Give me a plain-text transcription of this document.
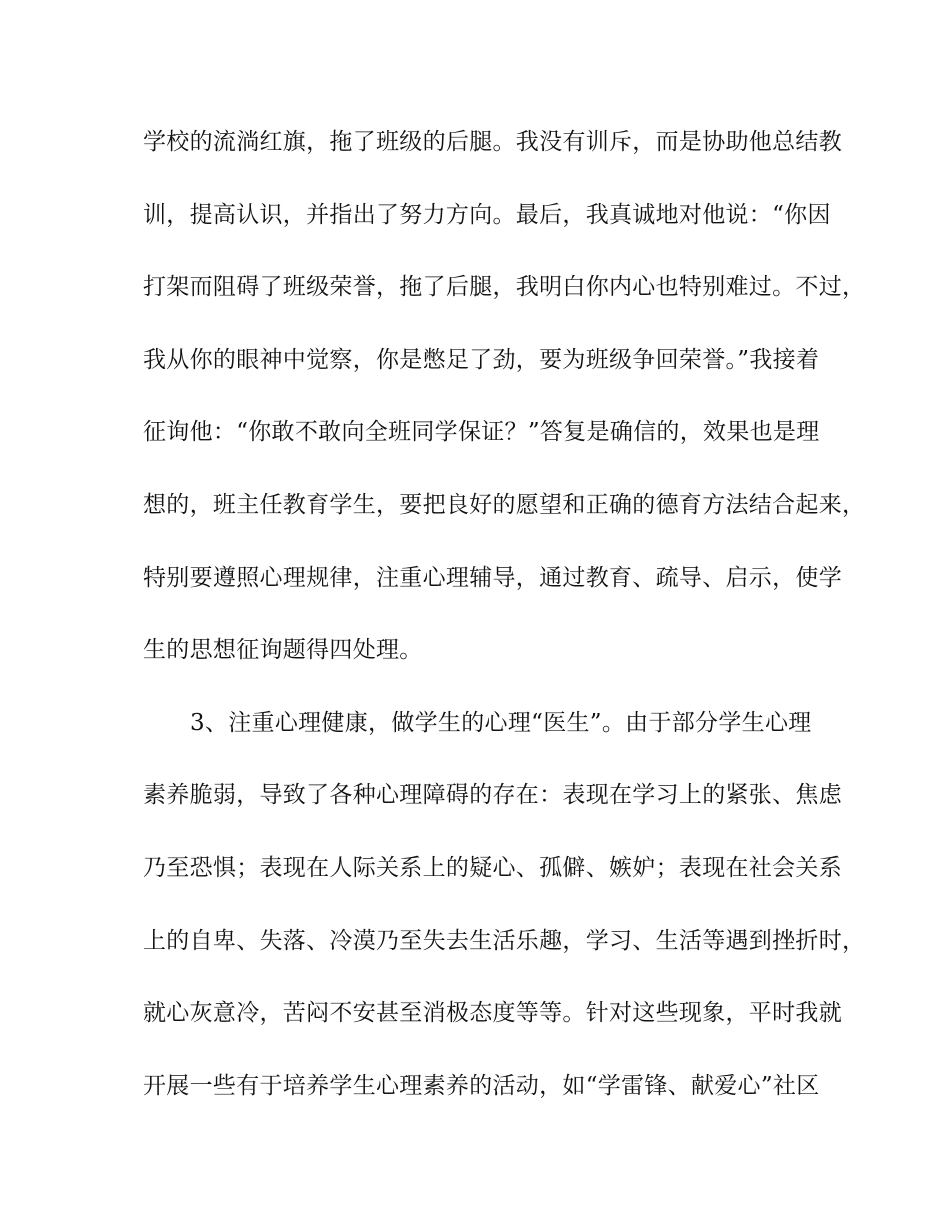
学校的流淌红旗，拖了班级的后腿。我没有训斥，而是协助他总结教
训，提高认识，并指出了努力方向。最后，我真诚地对他说：“你因
打架而阻碍了班级荣誉，拖了后腿，我明白你内心也特别难过。不过，
我从你的眼神中觉察，你是憋足了劲，要为班级争回荣誉。”我接着
征询他：“你敢不敢向全班同学保证？”答复是确信的，效果也是理
想的，班主任教育学生，要把良好的愿望和正确的德育方法结合起来，
特别要遵照心理规律，注重心理辅导，通过教育、疏导、启示，使学
生的思想征询题得四处理。
3、注重心理健康，做学生的心理“医生”。由于部分学生心理
素养脆弱，导致了各种心理障碍的存在：表现在学习上的紧张、焦虑
乃至恐惧；表现在人际关系上的疑心、孤僻、嫉妒；表现在社会关系
上的自卑、失落、冷漠乃至失去生活乐趣，学习、生活等遇到挫折时，
就心灰意冷，苦闷不安甚至消极态度等等。针对这些现象，平时我就
开展一些有于培养学生心理素养的活动，如“学雷锋、献爱心”社区
